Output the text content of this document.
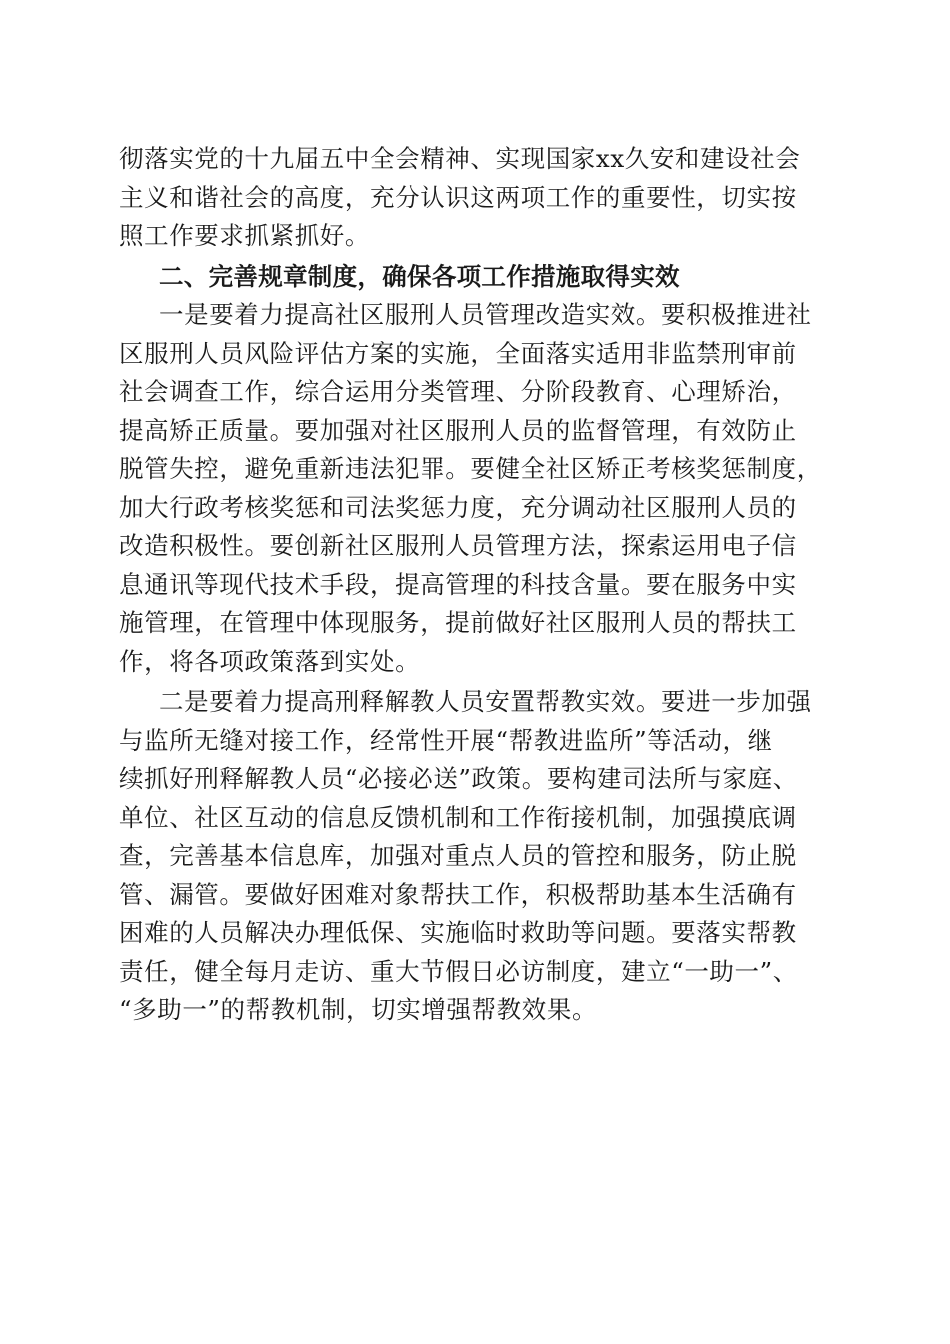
彻落实党的十九届五中全会精神、实现国家xx久安和建设社会
主义和谐社会的高度，充分认识这两项工作的重要性，切实按
照工作要求抓紧抓好。
二、完善规章制度，确保各项工作措施取得实效
一是要着力提高社区服刑人员管理改造实效。要积极推进社
区服刑人员风险评估方案的实施，全面落实适用非监禁刑审前
社会调查工作，综合运用分类管理、分阶段教育、心理矫治，
提高矫正质量。要加强对社区服刑人员的监督管理，有效防止
脱管失控，避免重新违法犯罪。要健全社区矫正考核奖惩制度，
加大行政考核奖惩和司法奖惩力度，充分调动社区服刑人员的
改造积极性。要创新社区服刑人员管理方法，探索运用电子信
息通讯等现代技术手段，提高管理的科技含量。要在服务中实
施管理，在管理中体现服务，提前做好社区服刑人员的帮扶工
作，将各项政策落到实处。
二是要着力提高刑释解教人员安置帮教实效。要进一步加强
与监所无缝对接工作，经常性开展“帮教进监所”等活动，继
续抓好刑释解教人员“必接必送”政策。要构建司法所与家庭、
单位、社区互动的信息反馈机制和工作衔接机制，加强摸底调
查，完善基本信息库，加强对重点人员的管控和服务，防止脱
管、漏管。要做好困难对象帮扶工作，积极帮助基本生活确有
困难的人员解决办理低保、实施临时救助等问题。要落实帮教
责任，健全每月走访、重大节假日必访制度，建立“一助一”、
“多助一”的帮教机制，切实增强帮教效果。
